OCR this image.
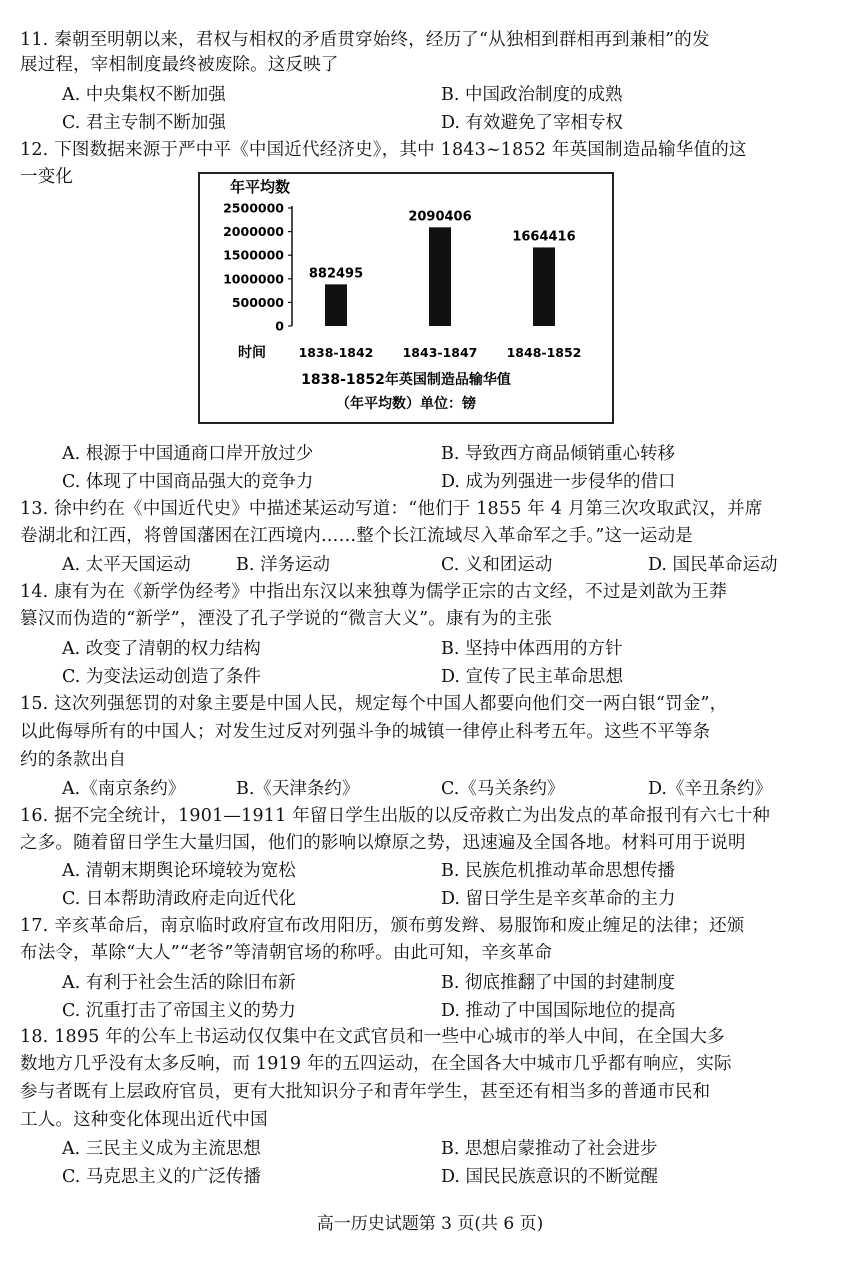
11. 秦朝至明朝以来，君权与相权的矛盾贯穿始终，经历了“从独相到群相再到兼相”的发
展过程，宰相制度最终被废除。这反映了
A. 中央集权不断加强	B. 中国政治制度的成熟
C. 君主专制不断加强	D. 有效避免了宰相专权
12. 下图数据来源于严中平《中国近代经济史》，其中 1843~1852 年英国制造品输华值的这
一变化	年平均数
2500000
2000000
1500000
1000000
500000
0
882495
2090406
1664416
1838-1842 1843-1847 1848-1852
时间
1838-1852年英国制造品输华值
（年平均数）单位：镑
A. 根源于中国通商口岸开放过少	B. 导致西方商品倾销重心转移
C. 体现了中国商品强大的竞争力	D. 成为列强进一步侵华的借口
13. 徐中约在《中国近代史》中描述某运动写道：“他们于 1855 年 4 月第三次攻取武汉，并席
卷湖北和江西，将曾国藩困在江西境内……整个长江流域尽入革命军之手。”这一运动是
A. 太平天国运动	B. 洋务运动	C. 义和团运动	D. 国民革命运动
14. 康有为在《新学伪经考》中指出东汉以来独尊为儒学正宗的古文经，不过是刘歆为王莽
篡汉而伪造的“新学”，湮没了孔子学说的“微言大义”。康有为的主张
A. 改变了清朝的权力结构	B. 坚持中体西用的方针
C. 为变法运动创造了条件	D. 宣传了民主革命思想
15. 这次列强惩罚的对象主要是中国人民，规定每个中国人都要向他们交一两白银“罚金”，
以此侮辱所有的中国人；对发生过反对列强斗争的城镇一律停止科考五年。这些不平等条
约的条款出自
A.《南京条约》	B.《天津条约》	C.《马关条约》	D.《辛丑条约》
16. 据不完全统计，1901—1911 年留日学生出版的以反帝救亡为出发点的革命报刊有六七十种
之多。随着留日学生大量归国，他们的影响以燎原之势，迅速遍及全国各地。材料可用于说明
A. 清朝末期舆论环境较为宽松	B. 民族危机推动革命思想传播
C. 日本帮助清政府走向近代化	D. 留日学生是辛亥革命的主力
17. 辛亥革命后，南京临时政府宣布改用阳历，颁布剪发辫、易服饰和废止缠足的法律；还颁
布法令，革除“大人”“老爷”等清朝官场的称呼。由此可知，辛亥革命
A. 有利于社会生活的除旧布新	B. 彻底推翻了中国的封建制度
C. 沉重打击了帝国主义的势力	D. 推动了中国国际地位的提高
18. 1895 年的公车上书运动仅仅集中在文武官员和一些中心城市的举人中间，在全国大多
数地方几乎没有太多反响，而 1919 年的五四运动，在全国各大中城市几乎都有响应，实际
参与者既有上层政府官员，更有大批知识分子和青年学生，甚至还有相当多的普通市民和
工人。这种变化体现出近代中国
A. 三民主义成为主流思想	B. 思想启蒙推动了社会进步
C. 马克思主义的广泛传播	D. 国民民族意识的不断觉醒
高一历史试题第 3 页(共 6 页)
